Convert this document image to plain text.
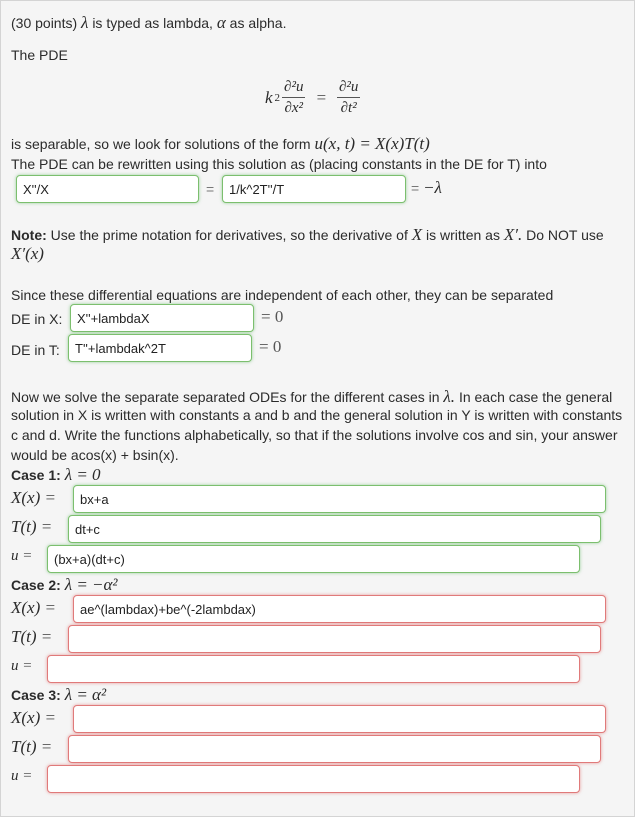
(30 points) λ is typed as lambda, α as alpha.
The PDE
k $2 \frac{\text{∂²u}}{\text{∂x²}} = \frac{\text{∂²u}}{\text{∂t²}}$
is separable, so we look for solutions of the form u(x, t) = X(x)T(t)
The PDE can be rewritten using this solution as (placing constants in the DE for T) into
X''/X
=
1/k^2T''/T	= −λ
Note: Use the prime notation for derivatives, so the derivative of X is written as X′. Do NOT use
X′(x)
Since these differential equations are independent of each other, they can be separated
DE in X:
X''+lambdaX	= 0
DE in T:
T''+lambdak^2T	= 0
Now we solve the separate separated ODEs for the different cases in λ. In each case the general
solution in X is written with constants a and b and the general solution in Y is written with constants
c and d. Write the functions alphabetically, so that if the solutions involve cos and sin, your answer
would be acos(x) + bsin(x).
Case 1: λ = 0
X(x) =
bx+a
T(t) =
dt+c
u =
(bx+a)(dt+c)
Case 2: λ = −α²
X(x) =
ae^(lambdax)+be^(-2lambdax)
T(t) =
u =
Case 3: λ = α²
X(x) =
T(t) =
u =
